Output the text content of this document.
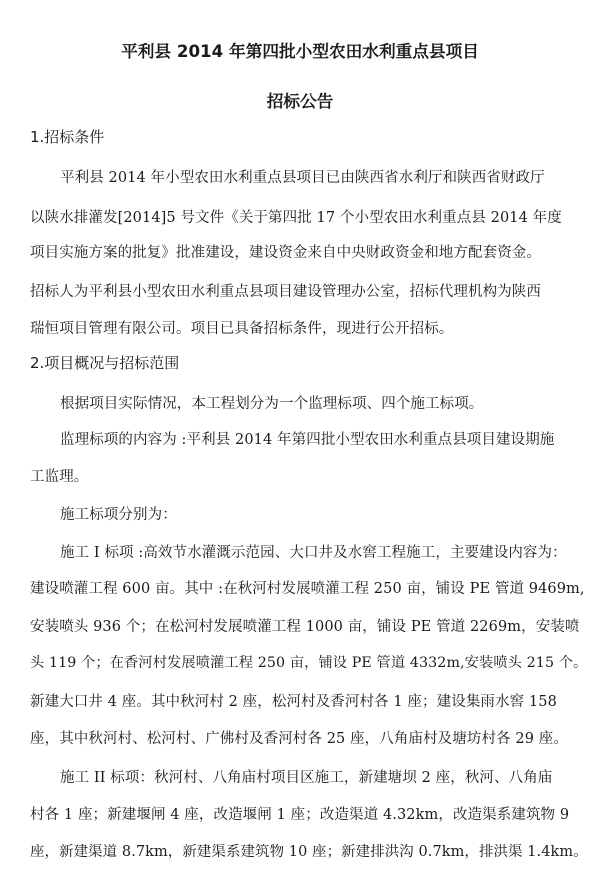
平利县 2014 年第四批小型农田水利重点县项目
招标公告
1.招标条件
平利县 2014 年小型农田水利重点县项目已由陕西省水利厅和陕西省财政厅
以陕水排灌发[2014]5 号文件《关于第四批 17 个小型农田水利重点县 2014 年度
项目实施方案的批复》批准建设，建设资金来自中央财政资金和地方配套资金。
招标人为平利县小型农田水利重点县项目建设管理办公室，招标代理机构为陕西
瑞恒项目管理有限公司。项目已具备招标条件，现进行公开招标。
2.项目概况与招标范围
根据项目实际情况，本工程划分为一个监理标项、四个施工标项。
监理标项的内容为 :平利县 2014 年第四批小型农田水利重点县项目建设期施
工监理。
施工标项分别为：
施工 I 标项 :高效节水灌溉示范园、大口井及水窖工程施工，主要建设内容为：
建设喷灌工程 600 亩。其中 :在秋河村发展喷灌工程 250 亩，铺设 PE 管道 9469m,
安装喷头 936 个；在松河村发展喷灌工程 1000 亩，铺设 PE 管道 2269m，安装喷
头 119 个；在香河村发展喷灌工程 250 亩，铺设 PE 管道 4332m,安装喷头 215 个。
新建大口井 4 座。其中秋河村 2 座，松河村及香河村各 1 座；建设集雨水窖 158
座，其中秋河村、松河村、广佛村及香河村各 25 座，八角庙村及塘坊村各 29 座。
施工 II 标项：秋河村、八角庙村项目区施工，新建塘坝 2 座，秋河、八角庙
村各 1 座；新建堰闸 4 座，改造堰闸 1 座；改造渠道 4.32km，改造渠系建筑物 9
座，新建渠道 8.7km，新建渠系建筑物 10 座；新建排洪沟 0.7km，排洪渠 1.4km。
